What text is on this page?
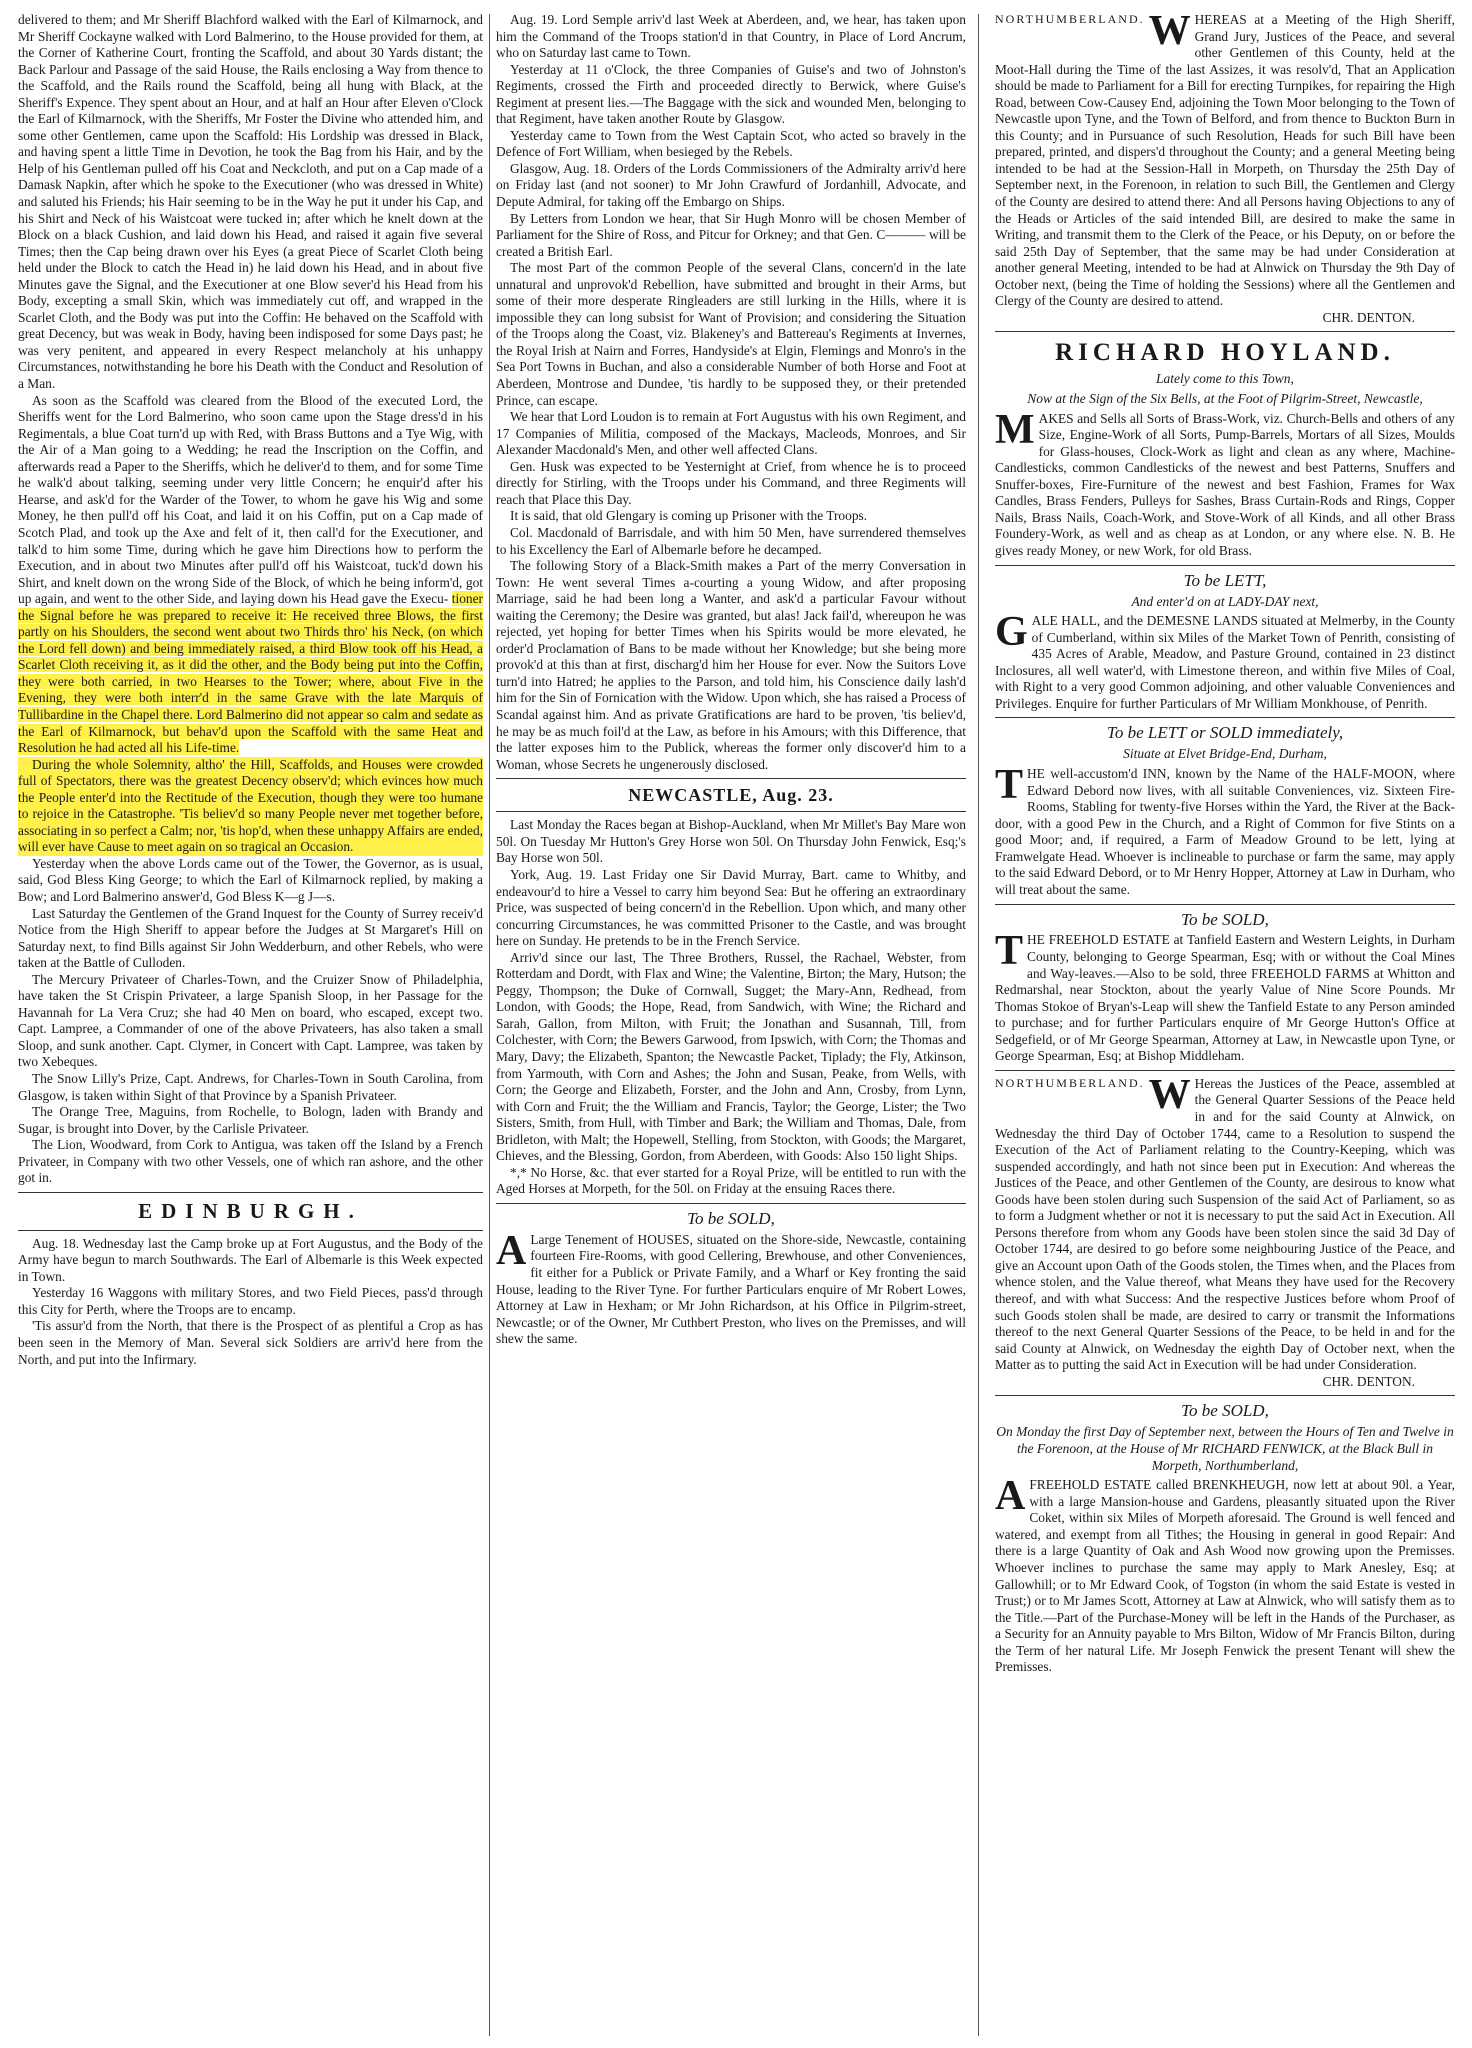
delivered to them; and Mr Sheriff Blachford walked with the Earl of Kilmarnock, and Mr Sheriff Cockayne walked with Lord Balmerino, to the House provided for them, at the Corner of Katherine Court, fronting the Scaffold, and about 30 Yards distant; the Back Parlour and Passage of the said House, the Rails enclosing a Way from thence to the Scaffold, and the Rails round the Scaffold, being all hung with Black, at the Sheriff's Expence. They spent about an Hour, and at half an Hour after Eleven o'Clock the Earl of Kilmarnock, with the Sheriffs, Mr Foster the Divine who attended him, and some other Gentlemen, came upon the Scaffold: His Lordship was dressed in Black, and having spent a little Time in Devotion, he took the Bag from his Hair, and by the Help of his Gentleman pulled off his Coat and Neckcloth, and put on a Cap made of a Damask Napkin, after which he spoke to the Executioner (who was dressed in White) and saluted his Friends; his Hair seeming to be in the Way he put it under his Cap, and his Shirt and Neck of his Waistcoat were tucked in; after which he knelt down at the Block on a black Cushion, and laid down his Head, and raised it again five several Times; then the Cap being drawn over his Eyes (a great Piece of Scarlet Cloth being held under the Block to catch the Head in) he laid down his Head, and in about five Minutes gave the Signal, and the Executioner at one Blow sever'd his Head from his Body, excepting a small Skin, which was immediately cut off, and wrapped in the Scarlet Cloth, and the Body was put into the Coffin: He behaved on the Scaffold with great Decency, but was weak in Body, having been indisposed for some Days past; he was very penitent, and appeared in every Respect melancholy at his unhappy Circumstances, notwithstanding he bore his Death with the Conduct and Resolution of a Man.

As soon as the Scaffold was cleared from the Blood of the executed Lord, the Sheriffs went for the Lord Balmerino, who soon came upon the Stage dress'd in his Regimentals, a blue Coat turn'd up with Red, with Brass Buttons and a Tye Wig, with the Air of a Man going to a Wedding; he read the Inscription on the Coffin, and afterwards read a Paper to the Sheriffs, which he deliver'd to them, and for some Time he walk'd about talking, seeming under very little Concern; he enquir'd after his Hearse, and ask'd for the Warder of the Tower, to whom he gave his Wig and some Money, he then pull'd off his Coat, and laid it on his Coffin, put on a Cap made of Scotch Plad, and took up the Axe and felt of it, then call'd for the Executioner, and talk'd to him some Time, during which he gave him Directions how to perform the Execution, and in about two Minutes after pull'd off his Waistcoat, tuck'd down his Shirt, and knelt down on the wrong Side of the Block, of which he being inform'd, got up again, and went to the other Side, and laying down his Head gave the Execu- tioner the Signal before he was prepared to receive it: He received three Blows, the first partly on his Shoulders, the second went about two Thirds thro' his Neck, (on which the Lord fell down) and being immediately raised, a third Blow took off his Head, a Scarlet Cloth receiving it, as it did the other, and the Body being put into the Coffin, they were both carried, in two Hearses to the Tower; where, about Five in the Evening, they were both interr'd in the same Grave with the late Marquis of Tullibardine in the Chapel there. Lord Balmerino did not appear so calm and sedate as the Earl of Kilmarnock, but behav'd upon the Scaffold with the same Heat and Resolution he had acted all his Life-time.

During the whole Solemnity, altho' the Hill, Scaffolds, and Houses were crowded full of Spectators, there was the greatest Decency observ'd; which evinces how much the People enter'd into the Rectitude of the Execution, though they were too humane to rejoice in the Catastrophe. 'Tis believ'd so many People never met together before, associating in so perfect a Calm; nor, 'tis hop'd, when these unhappy Affairs are ended, will ever have Cause to meet again on so tragical an Occasion.

Yesterday when the above Lords came out of the Tower, the Governor, as is usual, said, God Bless King George; to which the Earl of Kilmarnock replied, by making a Bow; and Lord Balmerino answer'd, God Bless K—g J—s.

Last Saturday the Gentlemen of the Grand Inquest for the County of Surrey receiv'd Notice from the High Sheriff to appear before the Judges at St Margaret's Hill on Saturday next, to find Bills against Sir John Wedderburn, and other Rebels, who were taken at the Battle of Culloden.

The Mercury Privateer of Charles-Town, and the Cruizer Snow of Philadelphia, have taken the St Crispin Privateer, a large Spanish Sloop, in her Passage for the Havannah for La Vera Cruz; she had 40 Men on board, who escaped, except two. Capt. Lampree, a Commander of one of the above Privateers, has also taken a small Sloop, and sunk another. Capt. Clymer, in Concert with Capt. Lampree, was taken by two Xebeques.

The Snow Lilly's Prize, Capt. Andrews, for Charles-Town in South Carolina, from Glasgow, is taken within Sight of that Province by a Spanish Privateer.

The Orange Tree, Maguins, from Rochelle, to Bologn, laden with Brandy and Sugar, is brought into Dover, by the Carlisle Privateer.

The Lion, Woodward, from Cork to Antigua, was taken off the Island by a French Privateer, in Company with two other Vessels, one of which ran ashore, and the other got in.

EDINBURGH.

Aug. 18. Wednesday last the Camp broke up at Fort Augustus, and the Body of the Army have begun to march Southwards. The Earl of Albemarle is this Week expected in Town.

Yesterday 16 Waggons with military Stores, and two Field Pieces, pass'd through this City for Perth, where the Troops are to encamp.

'Tis assur'd from the North, that there is the Prospect of as plentiful a Crop as has been seen in the Memory of Man. Several sick Soldiers are arriv'd here from the North, and put into the Infirmary.

Aug. 19. Lord Semple arriv'd last Week at Aberdeen, and, we hear, has taken upon him the Command of the Troops station'd in that Country, in Place of Lord Ancrum, who on Saturday last came to Town.

Yesterday at 11 o'Clock, the three Companies of Guise's and two of Johnston's Regiments, crossed the Firth and proceeded directly to Berwick, where Guise's Regiment at present lies.—The Baggage with the sick and wounded Men, belonging to that Regiment, have taken another Route by Glasgow.

Yesterday came to Town from the West Captain Scot, who acted so bravely in the Defence of Fort William, when besieged by the Rebels.

Glasgow, Aug. 18. Orders of the Lords Commissioners of the Admiralty arriv'd here on Friday last (and not sooner) to Mr John Crawfurd of Jordanhill, Advocate, and Depute Admiral, for taking off the Embargo on Ships.

By Letters from London we hear, that Sir Hugh Monro will be chosen Member of Parliament for the Shire of Ross, and Pitcur for Orkney; and that Gen. C——— will be created a British Earl.

The most Part of the common People of the several Clans, concern'd in the late unnatural and unprovok'd Rebellion, have submitted and brought in their Arms, but some of their more desperate Ringleaders are still lurking in the Hills, where it is impossible they can long subsist for Want of Provision; and considering the Situation of the Troops along the Coast, viz. Blakeney's and Battereau's Regiments at Invernes, the Royal Irish at Nairn and Forres, Handyside's at Elgin, Flemings and Monro's in the Sea Port Towns in Buchan, and also a considerable Number of both Horse and Foot at Aberdeen, Montrose and Dundee, 'tis hardly to be supposed they, or their pretended Prince, can escape.

We hear that Lord Loudon is to remain at Fort Augustus with his own Regiment, and 17 Companies of Militia, composed of the Mackays, Macleods, Monroes, and Sir Alexander Macdonald's Men, and other well affected Clans.

Gen. Husk was expected to be Yesternight at Crief, from whence he is to proceed directly for Stirling, with the Troops under his Command, and three Regiments will reach that Place this Day.

It is said, that old Glengary is coming up Prisoner with the Troops.

Col. Macdonald of Barrisdale, and with him 50 Men, have surrendered themselves to his Excellency the Earl of Albemarle before he decamped.

The following Story of a Black-Smith makes a Part of the merry Conversation in Town: He went several Times a-courting a young Widow, and after proposing Marriage, said he had been long a Wanter, and ask'd a particular Favour without waiting the Ceremony; the Desire was granted, but alas! Jack fail'd, whereupon he was rejected, yet hoping for better Times when his Spirits would be more elevated, he order'd Proclamation of Bans to be made without her Knowledge; but she being more provok'd at this than at first, discharg'd him her House for ever. Now the Suitors Love turn'd into Hatred; he applies to the Parson, and told him, his Conscience daily lash'd him for the Sin of Fornication with the Widow. Upon which, she has raised a Process of Scandal against him. And as private Gratifications are hard to be proven, 'tis believ'd, he may be as much foil'd at the Law, as before in his Amours; with this Difference, that the latter exposes him to the Publick, whereas the former only discover'd him to a Woman, whose Secrets he ungenerously disclosed.

NEWCASTLE, Aug. 23.

Last Monday the Races began at Bishop-Auckland, when Mr Millet's Bay Mare won 50l. On Tuesday Mr Hutton's Grey Horse won 50l. On Thursday John Fenwick, Esq;'s Bay Horse won 50l.

York, Aug. 19. Last Friday one Sir David Murray, Bart. came to Whitby, and endeavour'd to hire a Vessel to carry him beyond Sea: But he offering an extraordinary Price, was suspected of being concern'd in the Rebellion. Upon which, and many other concurring Circumstances, he was committed Prisoner to the Castle, and was brought here on Sunday. He pretends to be in the French Service.

Arriv'd since our last, The Three Brothers, Russel, the Rachael, Webster, from Rotterdam and Dordt, with Flax and Wine; the Valentine, Birton; the Mary, Hutson; the Peggy, Thompson; the Duke of Cornwall, Sugget; the Mary-Ann, Redhead, from London, with Goods; the Hope, Read, from Sandwich, with Wine; the Richard and Sarah, Gallon, from Milton, with Fruit; the Jonathan and Susannah, Till, from Colchester, with Corn; the Bewers Garwood, from Ipswich, with Corn; the Thomas and Mary, Davy; the Elizabeth, Spanton; the Newcastle Packet, Tiplady; the Fly, Atkinson, from Yarmouth, with Corn and Ashes; the John and Susan, Peake, from Wells, with Corn; the George and Elizabeth, Forster, and the John and Ann, Crosby, from Lynn, with Corn and Fruit; the the William and Francis, Taylor; the George, Lister; the Two Sisters, Smith, from Hull, with Timber and Bark; the William and Thomas, Dale, from Bridleton, with Malt; the Hopewell, Stelling, from Stockton, with Goods; the Margaret, Chieves, and the Blessing, Gordon, from Aberdeen, with Goods: Also 150 light Ships.

*,* No Horse, &c. that ever started for a Royal Prize, will be entitled to run with the Aged Horses at Morpeth, for the 50l. on Friday at the ensuing Races there.

To be SOLD,

A Large Tenement of HOUSES, situated on the Shore-side, Newcastle, containing fourteen Fire-Rooms, with good Cellering, Brewhouse, and other Conveniences, fit either for a Publick or Private Family, and a Wharf or Key fronting the said House, leading to the River Tyne. For further Particulars enquire of Mr Robert Lowes, Attorney at Law in Hexham; or Mr John Richardson, at his Office in Pilgrim-street, Newcastle; or of the Owner, Mr Cuthbert Preston, who lives on the Premisses, and will shew the same.

NORTHUMBERLAND. W HEREAS at a Meeting of the High Sheriff, Grand Jury, Justices of the Peace, and several other Gentlemen of this County, held at the Moot-Hall during the Time of the last Assizes, it was resolv'd, That an Application should be made to Parliament for a Bill for erecting Turnpikes, for repairing the High Road, between Cow-Causey End, adjoining the Town Moor belonging to the Town of Newcastle upon Tyne, and the Town of Belford, and from thence to Buckton Burn in this County; and in Pursuance of such Resolution, Heads for such Bill have been prepared, printed, and dispers'd throughout the County; and a general Meeting being intended to be had at the Session-Hall in Morpeth, on Thursday the 25th Day of September next, in the Forenoon, in relation to such Bill, the Gentlemen and Clergy of the County are desired to attend there: And all Persons having Objections to any of the Heads or Articles of the said intended Bill, are desired to make the same in Writing, and transmit them to the Clerk of the Peace, or his Deputy, on or before the said 25th Day of September, that the same may be had under Consideration at another general Meeting, intended to be had at Alnwick on Thursday the 9th Day of October next, (being the Time of holding the Sessions) where all the Gentlemen and Clergy of the County are desired to attend.

CHR. DENTON.
RICHARD HOYLAND.
Lately come to this Town,
Now at the Sign of the Six Bells, at the Foot of Pilgrim-Street, Newcastle,

MAKES and Sells all Sorts of Brass-Work, viz. Church-Bells and others of any Size, Engine-Work of all Sorts, Pump-Barrels, Mortars of all Sizes, Moulds for Glass-houses, Clock-Work as light and clean as any where, Machine-Candlesticks, common Candlesticks of the newest and best Patterns, Snuffers and Snuffer-boxes, Fire-Furniture of the newest and best Fashion, Frames for Wax Candles, Brass Fenders, Pulleys for Sashes, Brass Curtain-Rods and Rings, Copper Nails, Brass Nails, Coach-Work, and Stove-Work of all Kinds, and all other Brass Foundery-Work, as well and as cheap as at London, or any where else. N. B. He gives ready Money, or new Work, for old Brass.

To be LETT,
And enter'd on at LADY-DAY next,

GALE HALL, and the DEMESNE LANDS situated at Melmerby, in the County of Cumberland, within six Miles of the Market Town of Penrith, consisting of 435 Acres of Arable, Meadow, and Pasture Ground, contained in 23 distinct Inclosures, all well water'd, with Limestone thereon, and within five Miles of Coal, with Right to a very good Common adjoining, and other valuable Conveniences and Privileges. Enquire for further Particulars of Mr William Monkhouse, of Penrith.

To be LETT or SOLD immediately,
Situate at Elvet Bridge-End, Durham,

THE well-accustom'd INN, known by the Name of the HALF-MOON, where Edward Debord now lives, with all suitable Conveniences, viz. Sixteen Fire-Rooms, Stabling for twenty-five Horses within the Yard, the River at the Back-door, with a good Pew in the Church, and a Right of Common for five Stints on a good Moor; and, if required, a Farm of Meadow Ground to be lett, lying at Framwelgate Head. Whoever is inclineable to purchase or farm the same, may apply to the said Edward Debord, or to Mr Henry Hopper, Attorney at Law in Durham, who will treat about the same.

To be SOLD,

THE FREEHOLD ESTATE at Tanfield Eastern and Western Leights, in Durham County, belonging to George Spearman, Esq; with or without the Coal Mines and Way-leaves.—Also to be sold, three FREEHOLD FARMS at Whitton and Redmarshal, near Stockton, about the yearly Value of Nine Score Pounds. Mr Thomas Stokoe of Bryan's-Leap will shew the Tanfield Estate to any Person aminded to purchase; and for further Particulars enquire of Mr George Hutton's Office at Sedgefield, or of Mr George Spearman, Attorney at Law, in Newcastle upon Tyne, or George Spearman, Esq; at Bishop Middleham.

NORTHUMBERLAND. W Hereas the Justices of the Peace, assembled at the General Quarter Sessions of the Peace held in and for the said County at Alnwick, on Wednesday the third Day of October 1744, came to a Resolution to suspend the Execution of the Act of Parliament relating to the Country-Keeping, which was suspended accordingly, and hath not since been put in Execution: And whereas the Justices of the Peace, and other Gentlemen of the County, are desirous to know what Goods have been stolen during such Suspension of the said Act of Parliament, so as to form a Judgment whether or not it is necessary to put the said Act in Execution. All Persons therefore from whom any Goods have been stolen since the said 3d Day of October 1744, are desired to go before some neighbouring Justice of the Peace, and give an Account upon Oath of the Goods stolen, the Times when, and the Places from whence stolen, and the Value thereof, what Means they have used for the Recovery thereof, and with what Success: And the respective Justices before whom Proof of such Goods stolen shall be made, are desired to carry or transmit the Informations thereof to the next General Quarter Sessions of the Peace, to be held in and for the said County at Alnwick, on Wednesday the eighth Day of October next, when the Matter as to putting the said Act in Execution will be had under Consideration.

CHR. DENTON.
To be SOLD,
On Monday the first Day of September next, between the Hours of Ten and Twelve in the Forenoon, at the House of Mr RICHARD FENWICK, at the Black Bull in Morpeth, Northumberland,

AFREEHOLD ESTATE called BRENKHEUGH, now lett at about 90l. a Year, with a large Mansion-house and Gardens, pleasantly situated upon the River Coket, within six Miles of Morpeth aforesaid. The Ground is well fenced and watered, and exempt from all Tithes; the Housing in general in good Repair: And there is a large Quantity of Oak and Ash Wood now growing upon the Premisses. Whoever inclines to purchase the same may apply to Mark Anesley, Esq; at Gallowhill; or to Mr Edward Cook, of Togston (in whom the said Estate is vested in Trust;) or to Mr James Scott, Attorney at Law at Alnwick, who will satisfy them as to the Title.—Part of the Purchase-Money will be left in the Hands of the Purchaser, as a Security for an Annuity payable to Mrs Bilton, Widow of Mr Francis Bilton, during the Term of her natural Life. Mr Joseph Fenwick the present Tenant will shew the Premisses.
